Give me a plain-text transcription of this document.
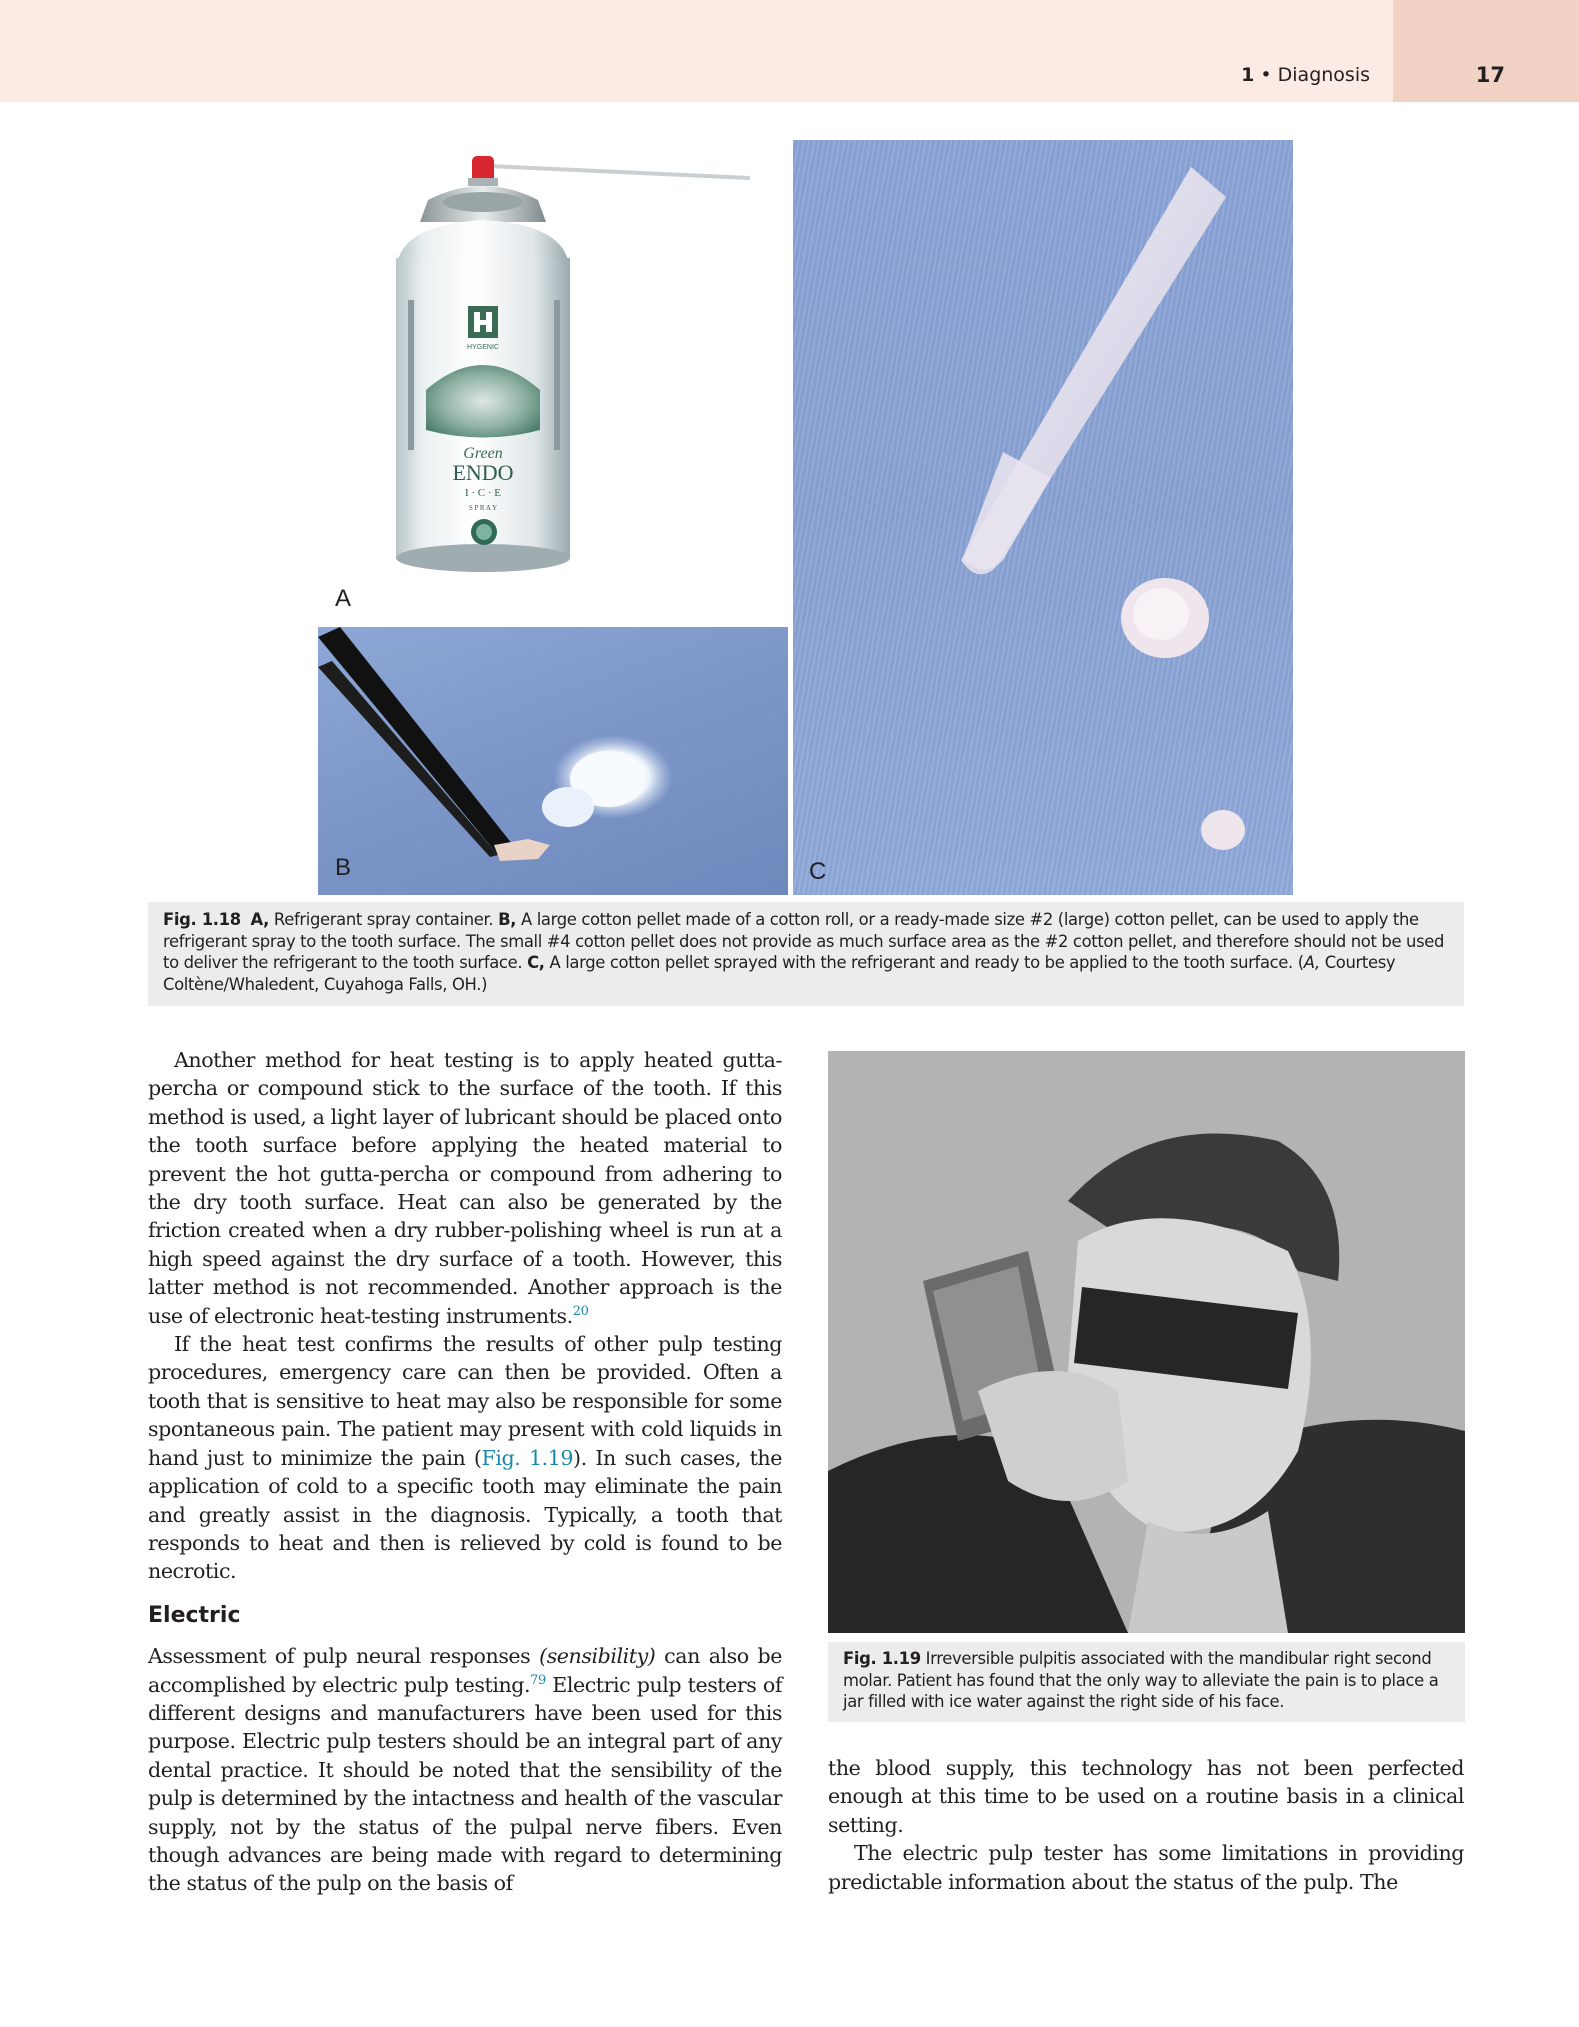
1 • Diagnosis	17
HYGENIC
Green
ENDO
I · C · E
S P R A Y
A
B	C
Fig. 1.18 A, Refrigerant spray container. B, A large cotton pellet made of a cotton roll, or a ready-made size #2 (large) cotton pellet, can be used to apply the refrigerant spray to the tooth surface. The small #4 cotton pellet does not provide as much surface area as the #2 cotton pellet, and therefore should not be used to deliver the refrigerant to the tooth surface. C, A large cotton pellet sprayed with the refrigerant and ready to be applied to the tooth surface. (A, Courtesy Coltène/Whaledent, Cuyahoga Falls, OH.)

Another method for heat testing is to apply heated gutta-percha or compound stick to the surface of the tooth. If this method is used, a light layer of lubricant should be placed onto the tooth surface before applying the heated material to prevent the hot gutta-percha or compound from adhering to the dry tooth surface. Heat can also be generated by the friction created when a dry rubber-polishing wheel is run at a high speed against the dry surface of a tooth. However, this latter method is not recommended. Another approach is the use of electronic heat-testing instruments.$^{20}$

If the heat test confirms the results of other pulp testing procedures, emergency care can then be provided. Often a tooth that is sensitive to heat may also be responsible for some spontaneous pain. The patient may present with cold liquids in hand just to minimize the pain (Fig. 1.19). In such cases, the application of cold to a specific tooth may eliminate the pain and greatly assist in the diagnosis. Typically, a tooth that responds to heat and then is relieved by cold is found to be necrotic.

Electric

Assessment of pulp neural responses (sensibility) can also be accomplished by electric pulp testing.$^{79}$ Electric pulp testers of different designs and manufacturers have been used for this purpose. Electric pulp testers should be an integral part of any dental practice. It should be noted that the sensibility of the pulp is determined by the intactness and health of the vascular supply, not by the status of the pulpal nerve fibers. Even though advances are being made with regard to determining the status of the pulp on the basis of

Fig. 1.19 Irreversible pulpitis associated with the mandibular right second molar. Patient has found that the only way to alleviate the pain is to place a jar filled with ice water against the right side of his face.

the blood supply, this technology has not been perfected enough at this time to be used on a routine basis in a clinical setting.

The electric pulp tester has some limitations in providing predictable information about the status of the pulp. The
